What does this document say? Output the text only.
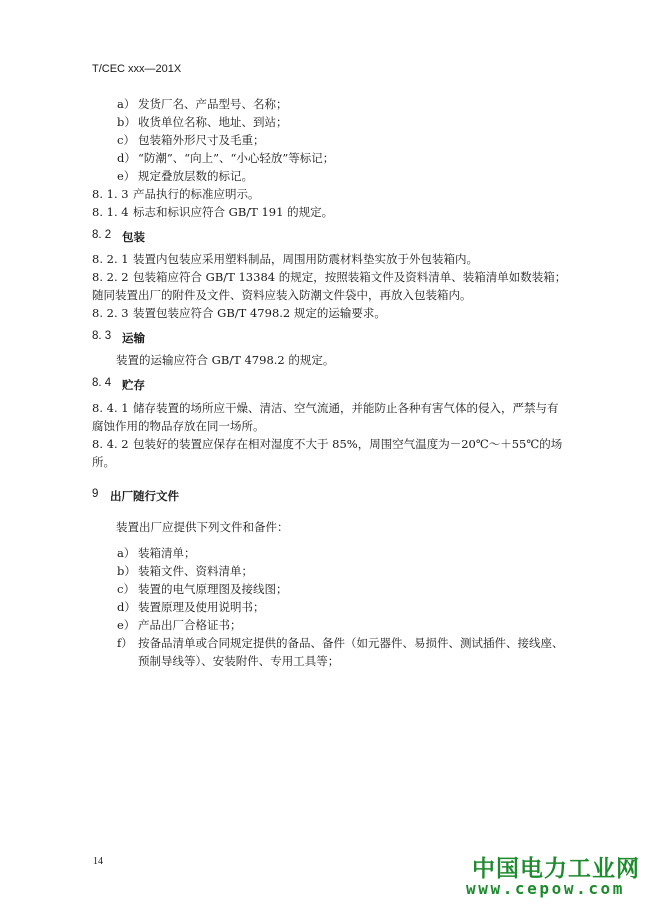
T/CEC xxx—201X
a） 发货厂名、产品型号、名称；
b） 收货单位名称、地址、到站；
c） 包装箱外形尺寸及毛重；
d） “防潮”、“向上”、“小心轻放”等标记；
e） 规定叠放层数的标记。
8. 1. 3 产品执行的标准应明示。
8. 1. 4 标志和标识应符合 GB/T 191 的规定。
8. 2 包装
8. 2. 1 装置内包装应采用塑料制品，周围用防震材料垫实放于外包装箱内。
8. 2. 2 包装箱应符合 GB/T 13384 的规定，按照装箱文件及资料清单、装箱清单如数装箱；
随同装置出厂的附件及文件、资料应装入防潮文件袋中，再放入包装箱内。
8. 2. 3 装置包装应符合 GB/T 4798.2 规定的运输要求。
8. 3 运输
装置的运输应符合 GB/T 4798.2 的规定。
8. 4 贮存
8. 4. 1 储存装置的场所应干燥、清洁、空气流通，并能防止各种有害气体的侵入，严禁与有
腐蚀作用的物品存放在同一场所。
8. 4. 2 包装好的装置应保存在相对湿度不大于 85%，周围空气温度为－20℃～＋55℃的场
所。
9 出厂随行文件
装置出厂应提供下列文件和备件：
a） 装箱清单；
b） 装箱文件、资料清单；
c） 装置的电气原理图及接线图；
d） 装置原理及使用说明书；
e） 产品出厂合格证书；
f） 按备品清单或合同规定提供的备品、备件（如元器件、易损件、测试插件、接线座、
预制导线等）、安装附件、专用工具等；
14	中国电力工业网
www.cepow.com
